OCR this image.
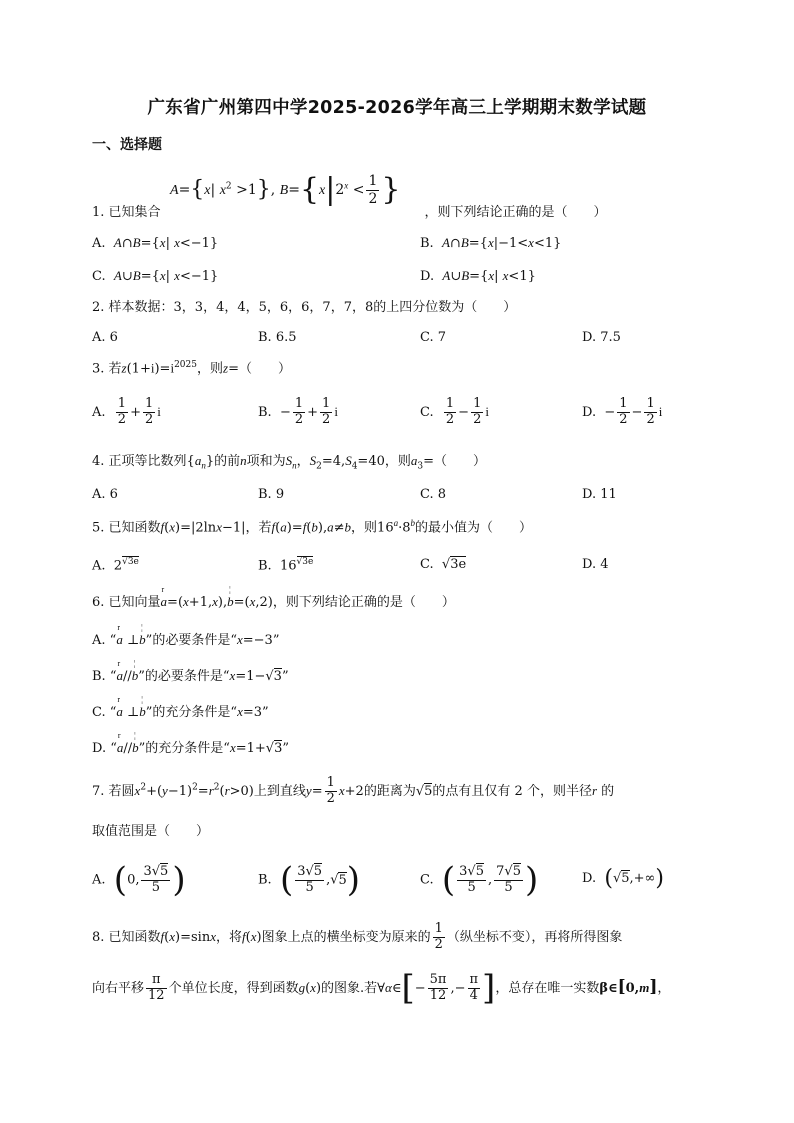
广东省广州第四中学2025-2026学年高三上学期期末数学试题
一、选择题
A={x| $x^2 >1$}, $B=\{x|2^x < \frac{1}{2}$ }
1. 已知集合	，则下列结论正确的是（　　）
A. A∩B={x| x<−1}	B. A∩B={x|−1<x<1}
C. A∪B={x| x<−1}	D. A∪B={x| x<1}
2. 样本数据：3，3，4，4，5，6，6，7，7，8的上四分位数为（　　）
A. 6	B. 6.5	C. 7	D. 7.5
3. 若$z(1+i)=i^{2025}$，则z=（　　）
A. $\frac{1}{2} + \frac{1}{2}$ i	B.  − $\frac{1}{2} + \frac{1}{2}$ i	C. $\frac{1}{2} - \frac{1}{2}$ i	D.  − $\frac{1}{2} - \frac{1}{2}$ i
4. 正项等比数列$\{a_n\}$的前n项和为$S_n$，$S_2=4,S_4=40$，则$a_3=$（　　）
A. 6	B. 9	C. 8	D. 11
5. 已知函数f(x)=|2lnx−1|，若f(a)=f(b),a≠b，则$16^a\cdot 8^b$的最小值为（　　）
A.  $2^{√3e}$	B.  $16^{√3e}$	C.  √3e	D. 4
6. 已知向量r a=(x+1,x),¦ b=(x,2)，则下列结论正确的是（　　）
A. “r a ⊥¦ b”的必要条件是“x=−3”
B. “r a//¦ b”的必要条件是“x=1−√3”
C. “r a ⊥¦ b”的充分条件是“x=3”
D. “r a//¦ b”的充分条件是“x=1+√3”
7. 若圆$x^2+(y-1)^2=r^2(r>0)$上到直线$y= \frac{1}{2} x+2$的距离为√5的点有且仅有 2 个，则半径r 的
取值范围是（　　）
A. (0, $\frac{3√5}{5}$ )	B. ( $\frac{3√5}{5} ,√5$)	C. ( $\frac{3√5}{5}$ , $\frac{7√5}{5}$ )	D. (√5,+∞)
8. 已知函数f(x)=sinx，将f(x)图象上点的横坐标变为原来的 $\frac{1}{2}$ （纵坐标不变），再将所得图象
向右平移 $\frac{\pi}{12}$ 个单位长度，得到函数g(x)的图象.若∀α∈[− $\frac{5\pi}{12}$ ,− $\frac{\pi}{4}$ ]，总存在唯一实数β∈[0,m]，
